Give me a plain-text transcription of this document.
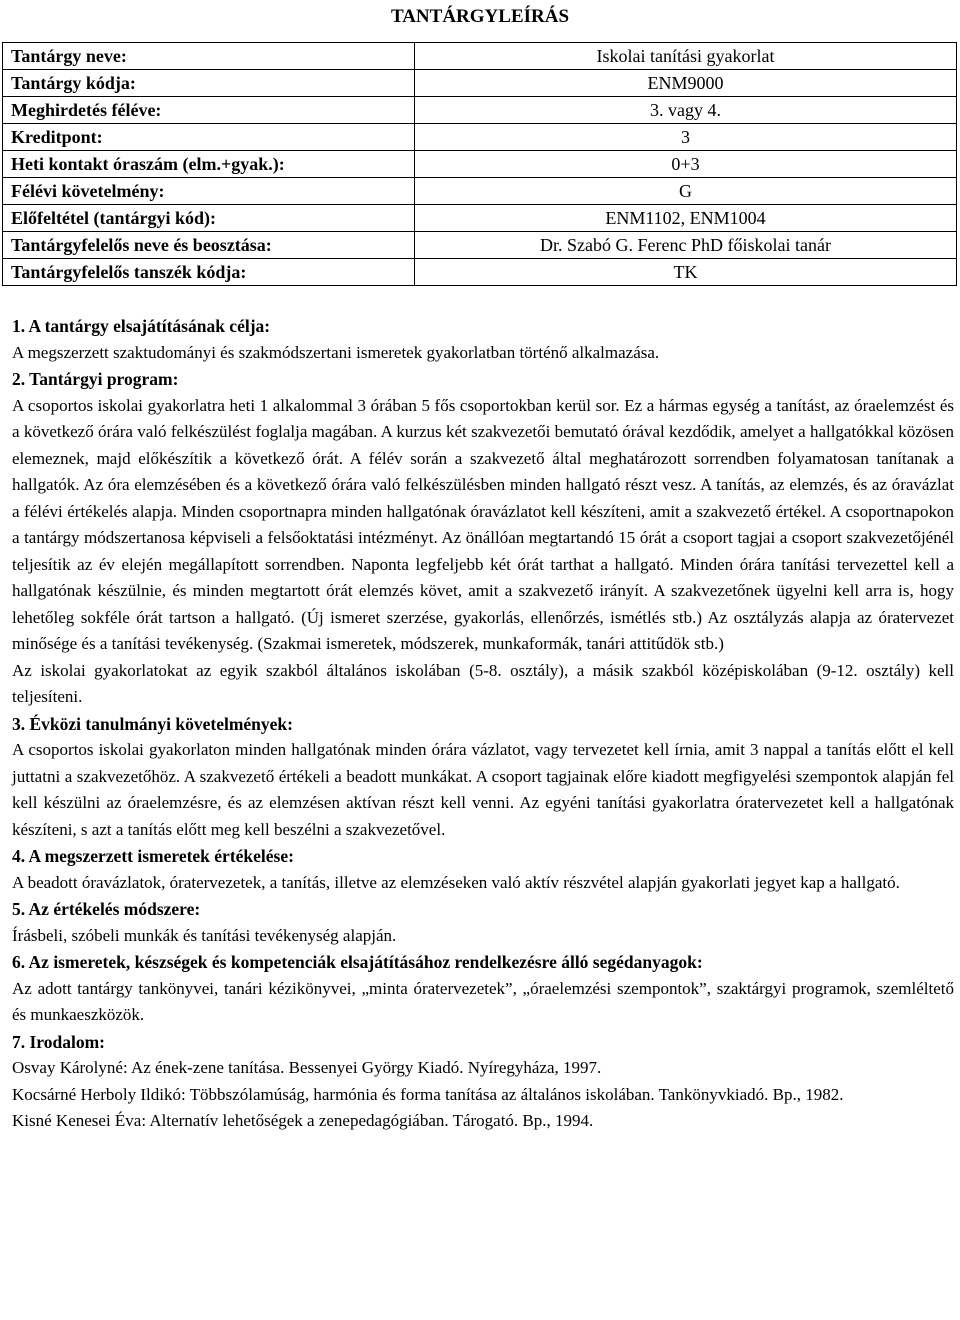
TANTÁRGYLEÍRÁS
Tantárgy neve:	Iskolai tanítási gyakorlat
Tantárgy kódja:	ENM9000
Meghirdetés féléve:	3. vagy 4.
Kreditpont:	3
Heti kontakt óraszám (elm.+gyak.):	0+3
Félévi követelmény:	G
Előfeltétel (tantárgyi kód):	ENM1102, ENM1004
Tantárgyfelelős neve és beosztása:	Dr. Szabó G. Ferenc PhD főiskolai tanár
Tantárgyfelelős tanszék kódja:	TK
1. A tantárgy elsajátításának célja:
A megszerzett szaktudományi és szakmódszertani ismeretek gyakorlatban történő alkalmazása.
2. Tantárgyi program:
A csoportos iskolai gyakorlatra heti 1 alkalommal 3 órában 5 fős csoportokban kerül sor. Ez a hármas egység a tanítást, az óraelemzést és a következő órára való felkészülést foglalja magában. A kurzus két szakvezetői bemutató órával kezdődik, amelyet a hallgatókkal közösen elemeznek, majd előkészítik a következő órát. A félév során a szakvezető által meghatározott sorrendben folyamatosan tanítanak a hallgatók. Az óra elemzésében és a következő órára való felkészülésben minden hallgató részt vesz. A tanítás, az elemzés, és az óravázlat a félévi értékelés alapja. Minden csoportnapra minden hallgatónak óravázlatot kell készíteni, amit a szakvezető értékel. A csoportnapokon a tantárgy módszertanosa képviseli a felsőoktatási intézményt. Az önállóan megtartandó 15 órát a csoport tagjai a csoport szakvezetőjénél teljesítik az év elején megállapított sorrendben. Naponta legfeljebb két órát tarthat a hallgató. Minden órára tanítási tervezettel kell a hallgatónak készülnie, és minden megtartott órát elemzés követ, amit a szakvezető irányít. A szakvezetőnek ügyelni kell arra is, hogy lehetőleg sokféle órát tartson a hallgató. (Új ismeret szerzése, gyakorlás, ellenőrzés, ismétlés stb.) Az osztályzás alapja az óratervezet minősége és a tanítási tevékenység. (Szakmai ismeretek, módszerek, munkaformák, tanári attitűdök stb.)
Az iskolai gyakorlatokat az egyik szakból általános iskolában (5-8. osztály), a másik szakból középiskolában (9-12. osztály) kell teljesíteni.
3. Évközi tanulmányi követelmények:
A csoportos iskolai gyakorlaton minden hallgatónak minden órára vázlatot, vagy tervezetet kell írnia, amit 3 nappal a tanítás előtt el kell juttatni a szakvezetőhöz. A szakvezető értékeli a beadott munkákat. A csoport tagjainak előre kiadott megfigyelési szempontok alapján fel kell készülni az óraelemzésre, és az elemzésen aktívan részt kell venni. Az egyéni tanítási gyakorlatra óratervezetet kell a hallgatónak készíteni, s azt a tanítás előtt meg kell beszélni a szakvezetővel.
4. A megszerzett ismeretek értékelése:
A beadott óravázlatok, óratervezetek, a tanítás, illetve az elemzéseken való aktív részvétel alapján gyakorlati jegyet kap a hallgató.
5. Az értékelés módszere:
Írásbeli, szóbeli munkák és tanítási tevékenység alapján.
6. Az ismeretek, készségek és kompetenciák elsajátításához rendelkezésre álló segédanyagok:
Az adott tantárgy tankönyvei, tanári kézikönyvei, „minta óratervezetek”, „óraelemzési szempontok”, szaktárgyi programok, szemléltető és munkaeszközök.
7. Irodalom:
Osvay Károlyné: Az ének-zene tanítása. Bessenyei György Kiadó. Nyíregyháza, 1997.
Kocsárné Herboly Ildikó: Többszólamúság, harmónia és forma tanítása az általános iskolában. Tankönyvkiadó. Bp., 1982.
Kisné Kenesei Éva: Alternatív lehetőségek a zenepedagógiában. Tárogató. Bp., 1994.
